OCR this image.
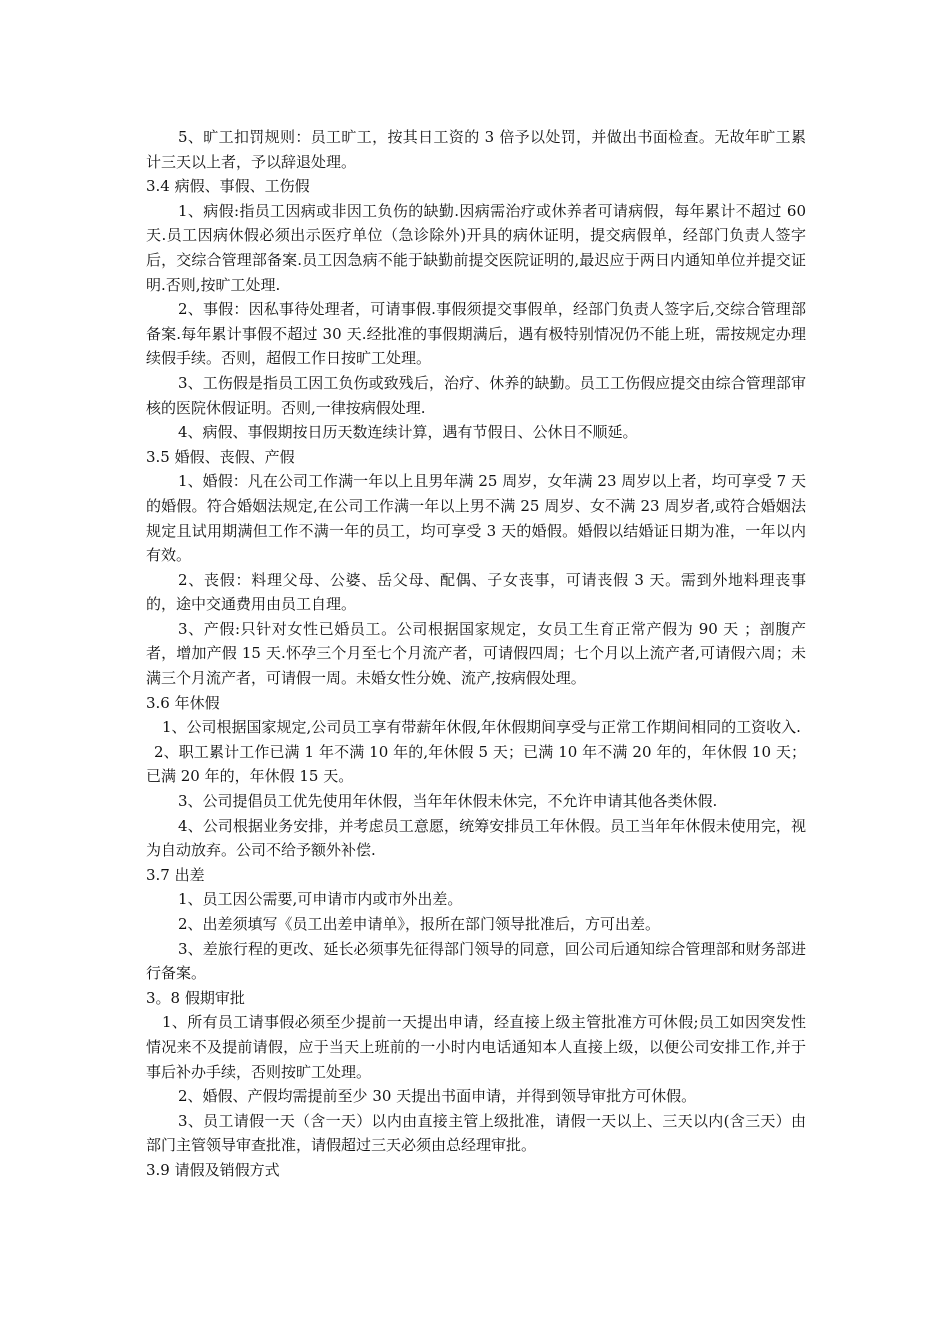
5、旷工扣罚规则：员工旷工，按其日工资的 3 倍予以处罚，并做出书面检查。无故年旷工累计三天以上者，予以辞退处理。

3.4 病假、事假、工伤假

1、病假:指员工因病或非因工负伤的缺勤.因病需治疗或休养者可请病假，每年累计不超过 60 天.员工因病休假必须出示医疗单位（急诊除外)开具的病休证明，提交病假单，经部门负责人签字后，交综合管理部备案.员工因急病不能于缺勤前提交医院证明的,最迟应于两日内通知单位并提交证明.否则,按旷工处理.

2、事假：因私事待处理者，可请事假.事假须提交事假单，经部门负责人签字后,交综合管理部备案.每年累计事假不超过 30 天.经批准的事假期满后，遇有极特别情况仍不能上班，需按规定办理续假手续。否则，超假工作日按旷工处理。

3、工伤假是指员工因工负伤或致残后，治疗、休养的缺勤。员工工伤假应提交由综合管理部审核的医院休假证明。否则,一律按病假处理.

4、病假、事假期按日历天数连续计算，遇有节假日、公休日不顺延。

3.5 婚假、丧假、产假

1、婚假：凡在公司工作满一年以上且男年满 25 周岁，女年满 23 周岁以上者，均可享受 7 天的婚假。符合婚姻法规定,在公司工作满一年以上男不满 25 周岁、女不满 23 周岁者,或符合婚姻法规定且试用期满但工作不满一年的员工，均可享受 3 天的婚假。婚假以结婚证日期为准，一年以内有效。

2、丧假：料理父母、公婆、岳父母、配偶、子女丧事，可请丧假 3 天。需到外地料理丧事的，途中交通费用由员工自理。

3、产假:只针对女性已婚员工。公司根据国家规定，女员工生育正常产假为 90 天 ；剖腹产者，增加产假 15 天.怀孕三个月至七个月流产者，可请假四周；七个月以上流产者,可请假六周；未满三个月流产者，可请假一周。未婚女性分娩、流产,按病假处理。

3.6 年休假

1、公司根据国家规定,公司员工享有带薪年休假,年休假期间享受与正常工作期间相同的工资收入.

2、职工累计工作已满 1 年不满 10 年的,年休假 5 天；已满 10 年不满 20 年的，年休假 10 天；已满 20 年的，年休假 15 天。

3、公司提倡员工优先使用年休假，当年年休假未休完，不允许申请其他各类休假.

4、公司根据业务安排，并考虑员工意愿，统筹安排员工年休假。员工当年年休假未使用完，视为自动放弃。公司不给予额外补偿.

3.7 出差

1、员工因公需要,可申请市内或市外出差。

2、出差须填写《员工出差申请单》，报所在部门领导批准后，方可出差。

3、差旅行程的更改、延长必须事先征得部门领导的同意，回公司后通知综合管理部和财务部进行备案。

3。8 假期审批

1、所有员工请事假必须至少提前一天提出申请，经直接上级主管批准方可休假;员工如因突发性情况来不及提前请假，应于当天上班前的一小时内电话通知本人直接上级，以便公司安排工作,并于事后补办手续，否则按旷工处理。

2、婚假、产假均需提前至少 30 天提出书面申请，并得到领导审批方可休假。

3、员工请假一天（含一天）以内由直接主管上级批准，请假一天以上、三天以内(含三天）由部门主管领导审查批准，请假超过三天必须由总经理审批。

3.9 请假及销假方式
